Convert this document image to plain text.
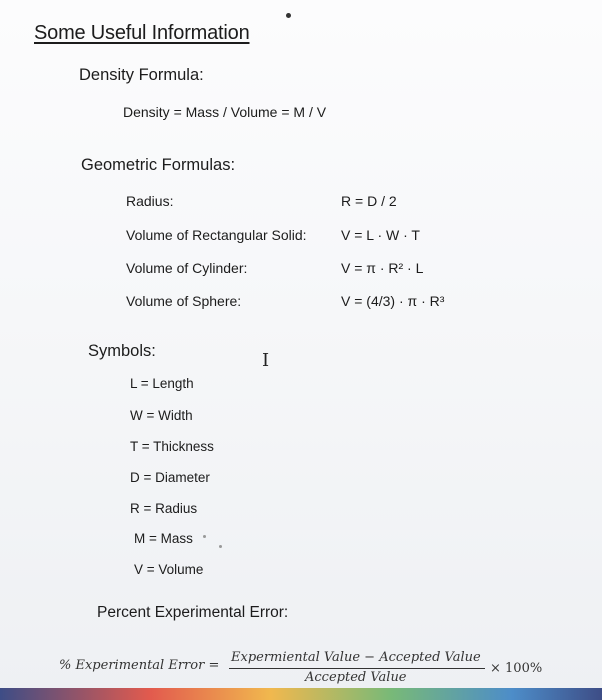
Some Useful Information
Density Formula:
Density = Mass / Volume = M / V
Geometric Formulas:
Radius:	R = D / 2
Volume of Rectangular Solid: V = L · W · T
Volume of Cylinder:	V = π · R² · L
Volume of Sphere:	V = (4/3) · π · R³
Symbols:	I
L = Length
W = Width
T = Thickness
D = Diameter
R = Radius
M = Mass
V = Volume
Percent Experimental Error:
% Experimental Error =
Expermiental Value − Accepted Value
Accepted Value
× 100%
